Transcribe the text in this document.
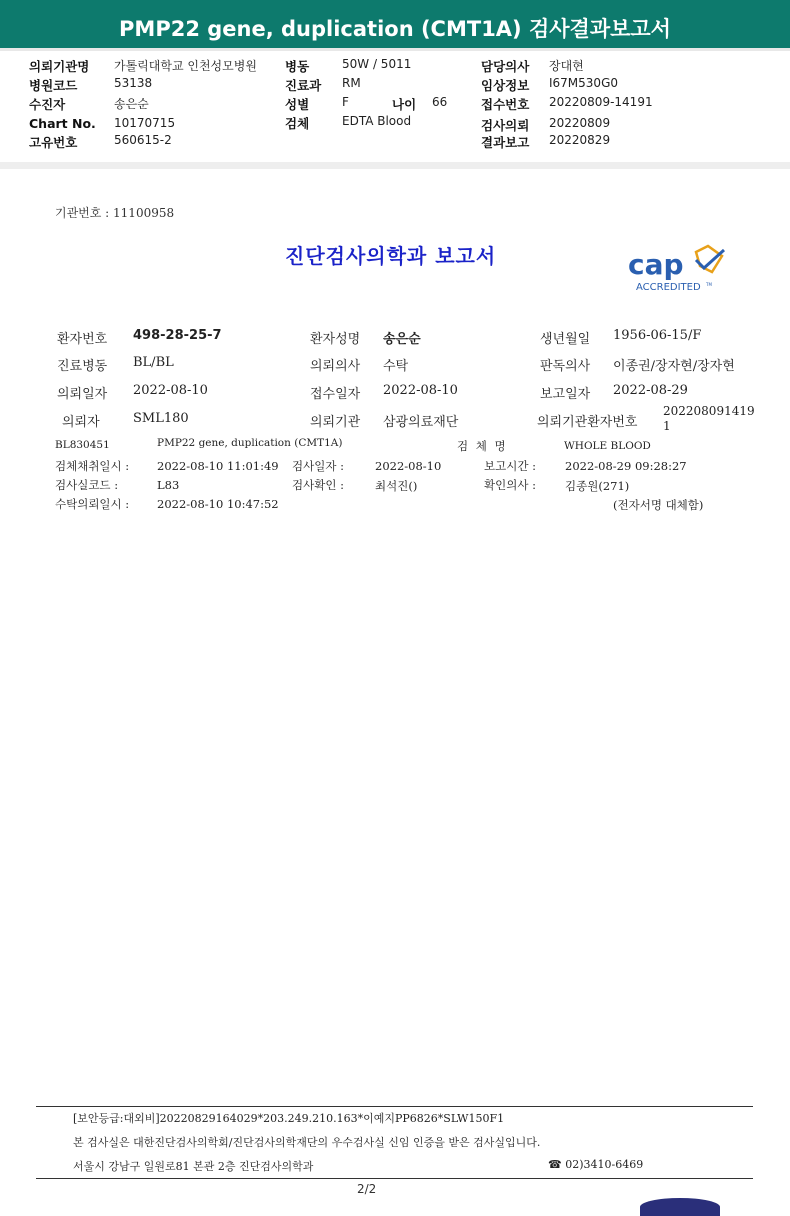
PMP22 gene, duplication (CMT1A) 검사결과보고서
의뢰기관명 가톨릭대학교 인천성모병원
병원코드	53138
수진자	송은순
Chart No. 10170715
고유번호	560615-2
병동	50W / 5011
진료과 RM
성별	F	나이 66
검체	EDTA Blood
담당의사 장대현
임상정보 I67M530G0
접수번호 20220809-14191
검사의뢰 20220809
결과보고 20220829
기관번호 : 11100958
진단검사의학과 보고서	cap
ACCREDITED TM
환자번호 498-28-25-7	환자성명 송은순	생년월일 1956-06-15/F
진료병동 BL/BL	의뢰의사 수탁	판독의사 이종권/장자현/장자현
의뢰일자 2022-08-10	접수일자 2022-08-10	보고일자 2022-08-29
의뢰자	SML180	의뢰기관 삼광의료재단	의뢰기관환자번호
202208091419
1
BL830451	PMP22 gene, duplication (CMT1A)	검 체 명	WHOLE BLOOD
검체채취일시 : 2022-08-10 11:01:49 검사일자 :	2022-08-10	보고시간 :	2022-08-29 09:28:27
검사실코드 :	L83	검사확인 :	최석진()	확인의사 :	김종원(271)
수탁의뢰일시 : 2022-08-10 10:47:52	(전자서명 대체함)
[보안등급:대외비]20220829164029*203.249.210.163*이예지PP6826*SLW150F1
본 검사실은 대한진단검사의학회/진단검사의학재단의 우수검사실 신임 인증을 받은 검사실입니다.
서울시 강남구 일원로81 본관 2층 진단검사의학과	☎ 02)3410-6469
2/2
